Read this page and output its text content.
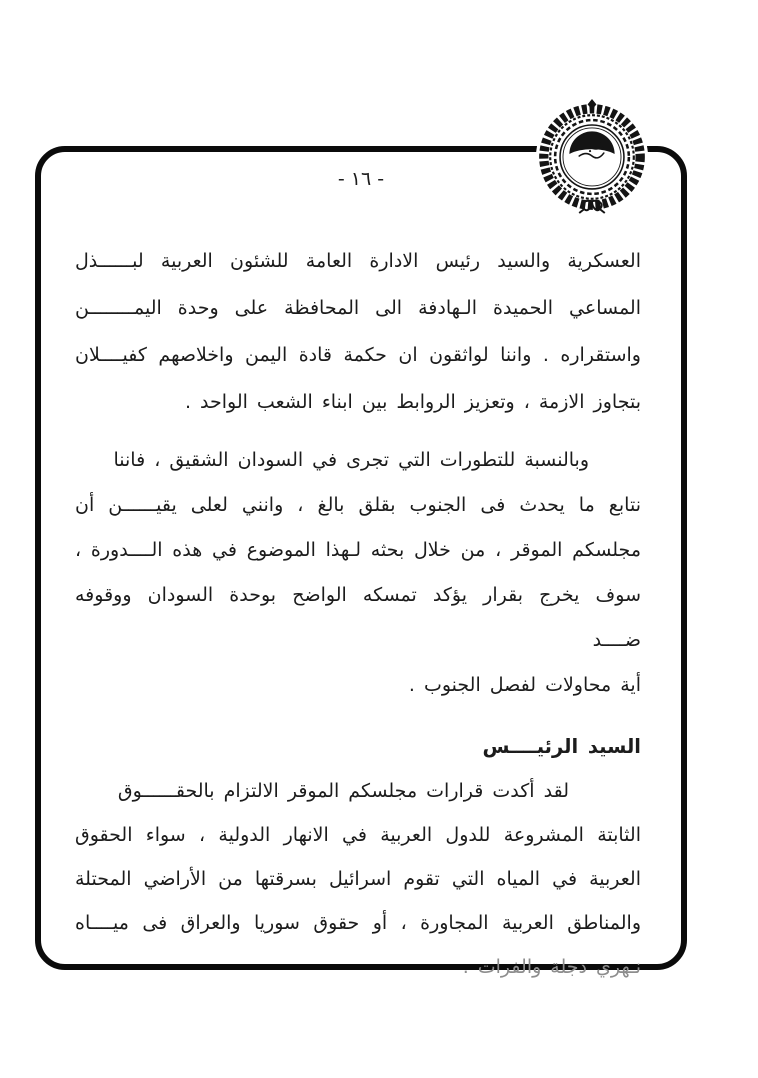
- ١٦ -
العسكرية والسيد رئيس الادارة العامة للشئون العربية لبــــــذل
المساعي الحميدة الـهادفة الى المحافظة على وحدة اليمــــــــن
واستقراره . واننا لواثقون ان حكمة قادة اليمن واخلاصهم كفيــــلان
بتجاوز الازمة ، وتعزيز الروابط بين ابناء الشعب الواحد .
وبالنسبة للتطورات التي تجرى في السودان الشقيق ، فاننا
نتابع ما يحدث فى الجنوب بقلق بالغ ، وانني لعلى يقيــــــن أن
مجلسكم الموقر ، من خلال بحثه لـهذا الموضوع في هذه الــــدورة ،
سوف يخرج بقرار يؤكد تمسكه الواضح بوحدة السودان ووقوفه ضــــد
أية محاولات لفصل الجنوب .
السيد الرئيــــس
لقد أكدت قرارات مجلسكم الموقر الالتزام بالحقــــــوق
الثابتة المشروعة للدول العربية في الانهار الدولية ، سواء الحقوق
العربية في المياه التي تقوم اسرائيل بسرقتها من الأراضي المحتلة
والمناطق العربية المجاورة ، أو حقوق سوريا والعراق فى ميــــاه
نـهري دجلة والفرات .
